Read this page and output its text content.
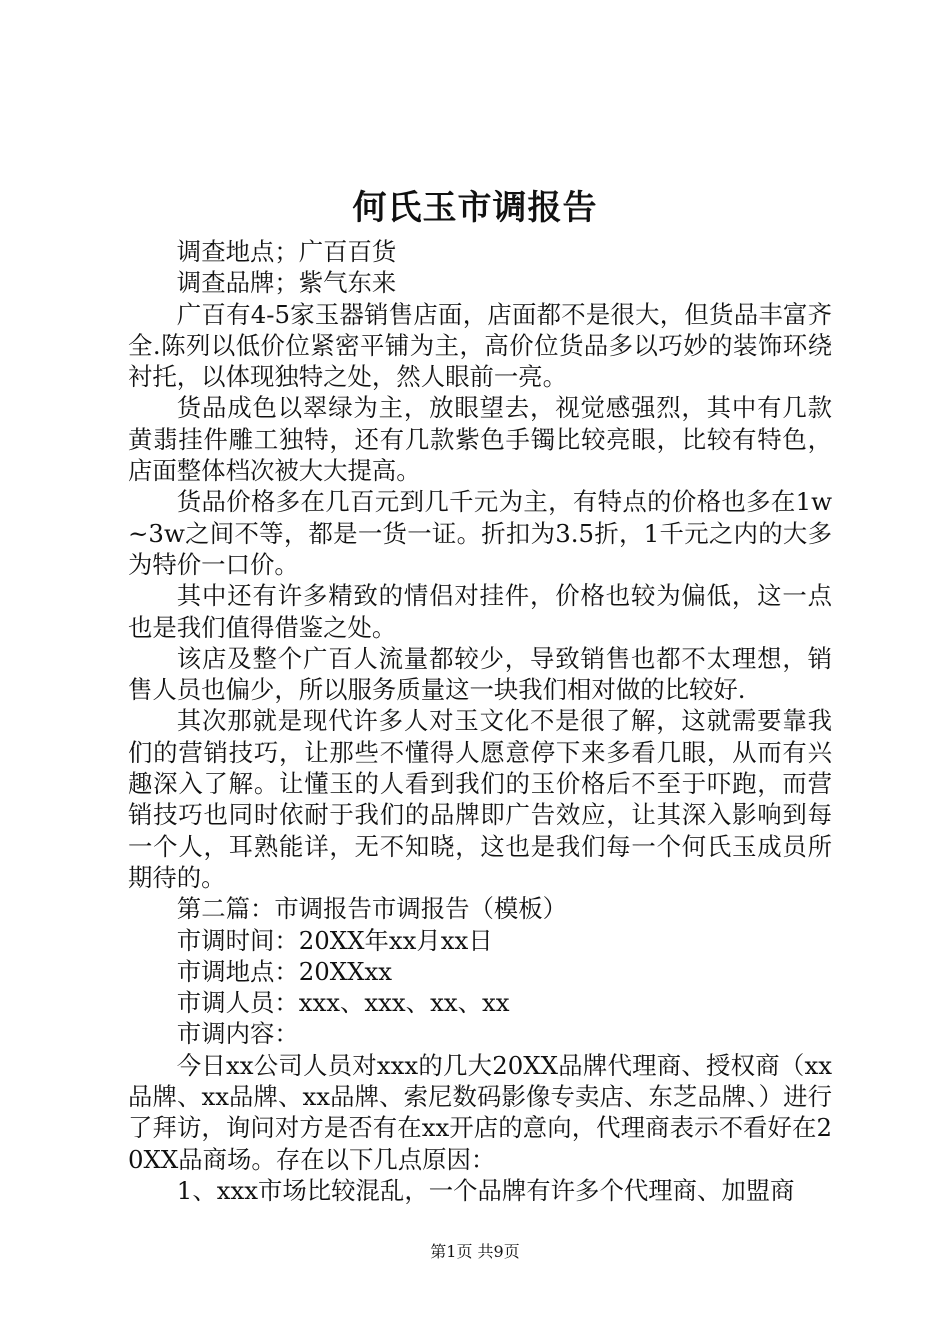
何氏玉市调报告

调查地点；广百百货

调查品牌；紫气东来

广百有4-5家玉器销售店面，店面都不是很大，但货品丰富齐全.陈列以低价位紧密平铺为主，高价位货品多以巧妙的装饰环绕衬托，以体现独特之处，然人眼前一亮。

货品成色以翠绿为主，放眼望去，视觉感强烈，其中有几款黄翡挂件雕工独特，还有几款紫色手镯比较亮眼，比较有特色，店面整体档次被大大提高。

货品价格多在几百元到几千元为主，有特点的价格也多在1w~3w之间不等，都是一货一证。折扣为3.5折，1千元之内的大多为特价一口价。

其中还有许多精致的情侣对挂件，价格也较为偏低，这一点也是我们值得借鉴之处。

该店及整个广百人流量都较少，导致销售也都不太理想，销售人员也偏少，所以服务质量这一块我们相对做的比较好.

其次那就是现代许多人对玉文化不是很了解，这就需要靠我们的营销技巧，让那些不懂得人愿意停下来多看几眼，从而有兴趣深入了解。让懂玉的人看到我们的玉价格后不至于吓跑，而营销技巧也同时依耐于我们的品牌即广告效应，让其深入影响到每一个人，耳熟能详，无不知晓，这也是我们每一个何氏玉成员所期待的。

第二篇：市调报告市调报告（模板）

市调时间：20XX年xx月xx日

市调地点：20XXxx

市调人员：xxx、xxx、xx、xx

市调内容：

今日xx公司人员对xxx的几大20XX品牌代理商、授权商（xx品牌、xx品牌、xx品牌、索尼数码影像专卖店、东芝品牌、）进行了拜访，询问对方是否有在xx开店的意向，代理商表示不看好在20XX品商场。存在以下几点原因：

1、xxx市场比较混乱，一个品牌有许多个代理商、加盟商

第1页 共9页
